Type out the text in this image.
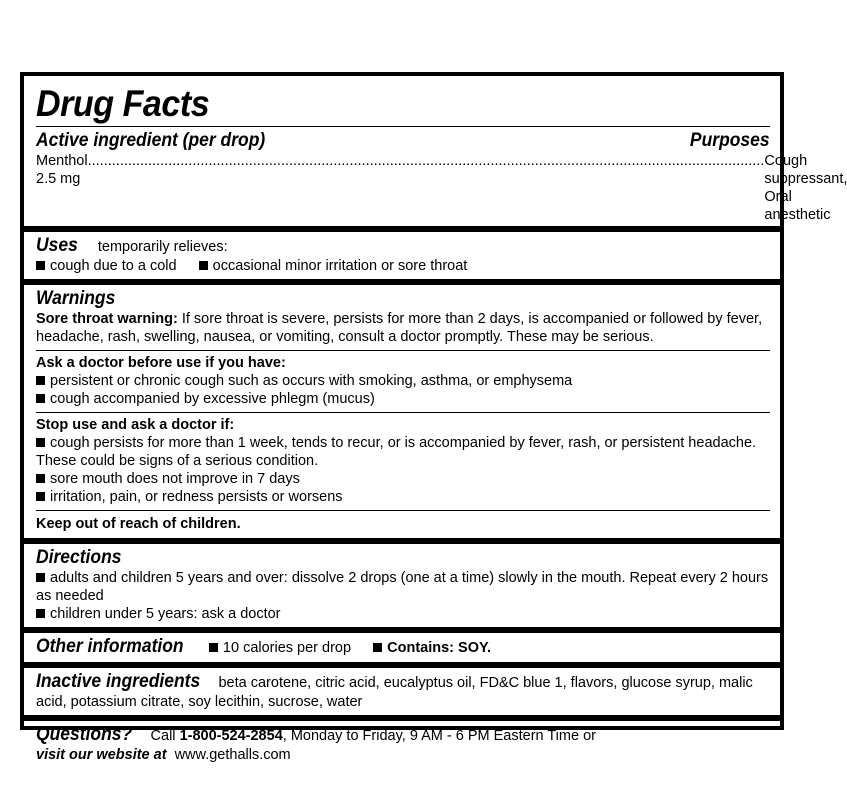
Drug Facts
Active ingredient (per drop)	Purposes
Menthol 2.5 mg
........................................................................................................................................................................ Cough suppressant, Oral anesthetic
Uses temporarily relieves:
cough due to a cold occasional minor irritation or sore throat
Warnings
Sore throat warning: If sore throat is severe, persists for more than 2 days, is accompanied or followed by fever, headache, rash, swelling, nausea, or vomiting, consult a doctor promptly. These may be serious.
Ask a doctor before use if you have:
persistent or chronic cough such as occurs with smoking, asthma, or emphysema
cough accompanied by excessive phlegm (mucus)
Stop use and ask a doctor if:
cough persists for more than 1 week, tends to recur, or is accompanied by fever, rash, or persistent headache. These could be signs of a serious condition.
sore mouth does not improve in 7 days
irritation, pain, or redness persists or worsens
Keep out of reach of children.
Directions
adults and children 5 years and over: dissolve 2 drops (one at a time) slowly in the mouth. Repeat every 2 hours as needed
children under 5 years: ask a doctor
Other information	10 calories per drop Contains: SOY.
Inactive ingredients beta carotene, citric acid, eucalyptus oil, FD&C blue 1, flavors, glucose syrup, malic acid, potassium citrate, soy lecithin, sucrose, water
Questions? Call 1-800-524-2854, Monday to Friday, 9 AM - 6 PM Eastern Time or
visit our website at www.gethalls.com
